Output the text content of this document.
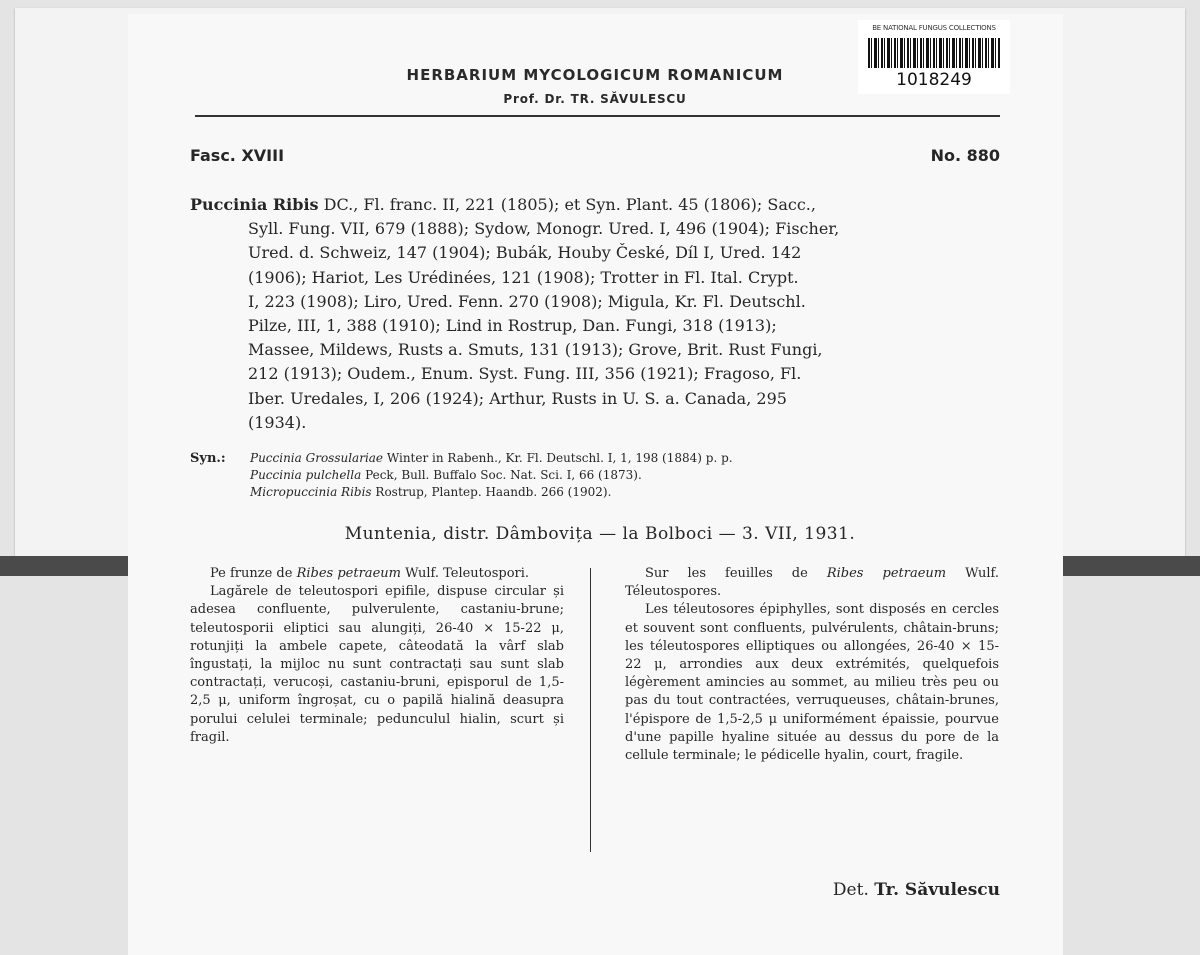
BE NATIONAL FUNGUS COLLECTIONS
1018249
HERBARIUM MYCOLOGICUM ROMANICUM
Prof. Dr. TR. SĂVULESCU
Fasc. XVIII	No. 880
Puccinia Ribis DC., Fl. franc. II, 221 (1805); et Syn. Plant. 45 (1806); Sacc.,
Syll. Fung. VII, 679 (1888); Sydow, Monogr. Ured. I, 496 (1904); Fischer,
Ured. d. Schweiz, 147 (1904); Bubák, Houby České, Díl I, Ured. 142
(1906); Hariot, Les Urédinées, 121 (1908); Trotter in Fl. Ital. Crypt.
I, 223 (1908); Liro, Ured. Fenn. 270 (1908); Migula, Kr. Fl. Deutschl.
Pilze, III, 1, 388 (1910); Lind in Rostrup, Dan. Fungi, 318 (1913);
Massee, Mildews, Rusts a. Smuts, 131 (1913); Grove, Brit. Rust Fungi,
212 (1913); Oudem., Enum. Syst. Fung. III, 356 (1921); Fragoso, Fl.
Iber. Uredales, I, 206 (1924); Arthur, Rusts in U. S. a. Canada, 295
(1934).
Syn.: Puccinia Grossulariae Winter in Rabenh., Kr. Fl. Deutschl. I, 1, 198 (1884) p. p.
Puccinia pulchella Peck, Bull. Buffalo Soc. Nat. Sci. I, 66 (1873).
Micropuccinia Ribis Rostrup, Plantep. Haandb. 266 (1902).
Muntenia, distr. Dâmbovița — la Bolboci — 3. VII, 1931.

Pe frunze de Ribes petraeum Wulf. Teleutospori.

Lagărele de teleutospori epifile, dispuse circular și adesea confluente, pulverulente, castaniu-brune; teleutosporii eliptici sau alungiți, 26-40 × 15-22 μ, rotunjiți la ambele capete, câteodată la vârf slab îngustați, la mijloc nu sunt contractați sau sunt slab contractați, verucoși, castaniu-bruni, episporul de 1,5-2,5 μ, uniform îngroșat, cu o papilă hialină deasupra porului celulei terminale; pedunculul hialin, scurt și fragil.

Sur les feuilles de Ribes petraeum Wulf. Téleutospores.

Les téleutosores épiphylles, sont disposés en cercles et souvent sont confluents, pulvérulents, châtain-bruns; les téleutospores elliptiques ou allongées, 26-40 × 15-22 μ, arrondies aux deux extrémités, quelquefois légèrement amincies au sommet, au milieu très peu ou pas du tout contractées, verruqueuses, châtain-brunes, l'épispore de 1,5-2,5 μ uniformément épaissie, pourvue d'une papille hyaline située au dessus du pore de la cellule terminale; le pédicelle hyalin, court, fragile.

Det. Tr. Săvulescu
